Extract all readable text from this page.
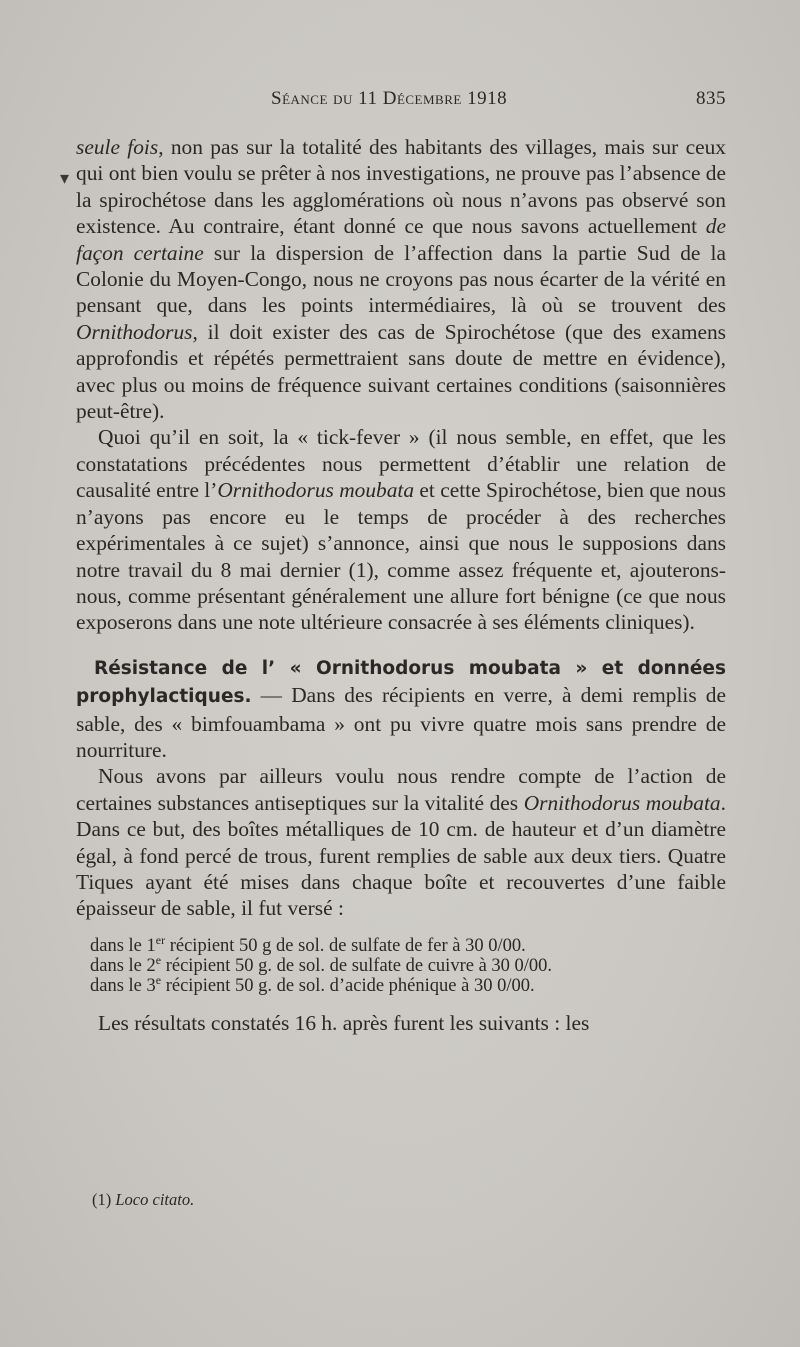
Séance du 11 Décembre 1918	835
▾

seule fois, non pas sur la totalité des habitants des villages, mais sur ceux qui ont bien voulu se prêter à nos investigations, ne prouve pas l’absence de la spirochétose dans les agglomérations où nous n’avons pas observé son existence. Au contraire, étant donné ce que nous savons actuellement de façon certaine sur la dispersion de l’affection dans la partie Sud de la Colonie du Moyen-Congo, nous ne croyons pas nous écarter de la vérité en pensant que, dans les points intermédiaires, là où se trouvent des Ornithodorus, il doit exister des cas de Spirochétose (que des examens approfondis et répétés permettraient sans doute de mettre en évidence), avec plus ou moins de fréquence suivant certaines conditions (saisonnières peut-être).

Quoi qu’il en soit, la « tick-fever » (il nous semble, en effet, que les constatations précédentes nous permettent d’établir une relation de causalité entre l’Ornithodorus moubata et cette Spirochétose, bien que nous n’ayons pas encore eu le temps de procéder à des recherches expérimentales à ce sujet) s’annonce, ainsi que nous le supposions dans notre travail du 8 mai dernier (1), comme assez fréquente et, ajouterons-nous, comme présentant généralement une allure fort bénigne (ce que nous exposerons dans une note ultérieure consacrée à ses éléments cliniques).

Résistance de l’ « Ornithodorus moubata » et données prophylactiques. — Dans des récipients en verre, à demi remplis de sable, des « bimfouambama » ont pu vivre quatre mois sans prendre de nourriture.

Nous avons par ailleurs voulu nous rendre compte de l’action de certaines substances antiseptiques sur la vitalité des Ornithodorus moubata. Dans ce but, des boîtes métalliques de 10 cm. de hauteur et d’un diamètre égal, à fond percé de trous, furent remplies de sable aux deux tiers. Quatre Tiques ayant été mises dans chaque boîte et recouvertes d’une faible épaisseur de sable, il fut versé :

dans le 1er récipient 50 g de sol. de sulfate de fer à 30 0/00.
dans le 2e récipient 50 g. de sol. de sulfate de cuivre à 30 0/00.
dans le 3e récipient 50 g. de sol. d’acide phénique à 30 0/00.

Les résultats constatés 16 h. après furent les suivants : les

(1) Loco citato.
